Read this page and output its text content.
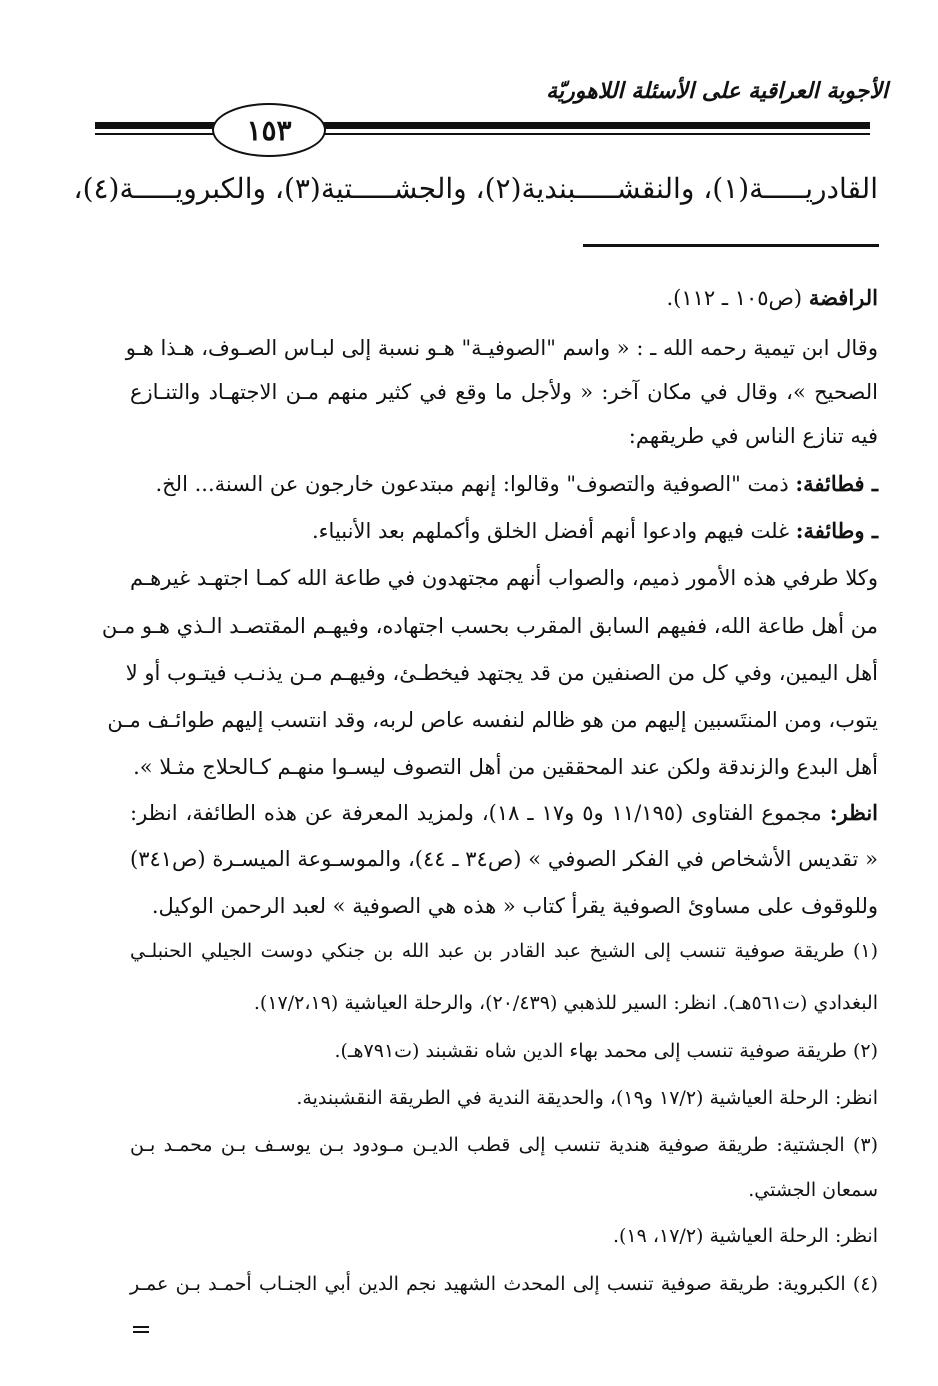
الأجوبة العراقية على الأسئلة اللاهوريّة
١٥٣
القادريـــــة(١)، والنقشـــــبندية(٢)، والجشـــــتية(٣)، والكبرويـــــة(٤)،
الرافضة (ص١٠٥ ـ ١١٢).
وقال ابن تيمية رحمه الله ـ : « واسم "الصوفيـة" هـو نسبة إلى لبـاس الصـوف، هـذا هـو
الصحيح »، وقال في مكان آخر: « ولأجل ما وقع في كثير منهم مـن الاجتهـاد والتنـازع
فيه تنازع الناس في طريقهم:
ـ فطائفة: ذمت "الصوفية والتصوف" وقالوا: إنهم مبتدعون خارجون عن السنة... الخ.
ـ وطائفة: غلت فيهم وادعوا أنهم أفضل الخلق وأكملهم بعد الأنبياء.
وكلا طرفي هذه الأمور ذميم، والصواب أنهم مجتهدون في طاعة الله كمـا اجتهـد غيرهـم
من أهل طاعة الله، ففيهم السابق المقرب بحسب اجتهاده، وفيهـم المقتصـد الـذي هـو مـن
أهل اليمين، وفي كل من الصنفين من قد يجتهد فيخطـئ، وفيهـم مـن يذنـب فيتـوب أو لا
يتوب، ومن المنتَسبين إليهم من هو ظالم لنفسه عاص لربه، وقد انتسب إليهم طوائـف مـن
أهل البدع والزندقة ولكن عند المحققين من أهل التصوف ليسـوا منهـم كـالحلاج مثـلا ».
انظر: مجموع الفتاوى (١١/١٩٥ و٥ و١٧ ـ ١٨)، ولمزيد المعرفة عن هذه الطائفة، انظر:
« تقديس الأشخاص في الفكر الصوفي » (ص٣٤ ـ ٤٤)، والموسـوعة الميسـرة (ص٣٤١)
وللوقوف على مساوئ الصوفية يقرأ كتاب « هذه هي الصوفية » لعبد الرحمن الوكيل.
(١) طريقة صوفية تنسب إلى الشيخ عبد القادر بن عبد الله بن جنكي دوست الجيلي الحنبلـي
البغدادي (ت٥٦١هـ). انظر: السير للذهبي (٢٠/٤٣٩)، والرحلة العياشية (١٧/٢،١٩).
(٢) طريقة صوفية تنسب إلى محمد بهاء الدين شاه نقشبند (ت٧٩١هـ).
انظر: الرحلة العياشية (١٧/٢ و١٩)، والحديقة الندية في الطريقة النقشبندية.
(٣) الجشتية: طريقة صوفية هندية تنسب إلى قطب الديـن مـودود بـن يوسـف بـن محمـد بـن
سمعان الجشتي.
انظر: الرحلة العياشية (١٧/٢، ١٩).
(٤) الكبروية: طريقة صوفية تنسب إلى المحدث الشهيد نجم الدين أبي الجنـاب أحمـد بـن عمـر
